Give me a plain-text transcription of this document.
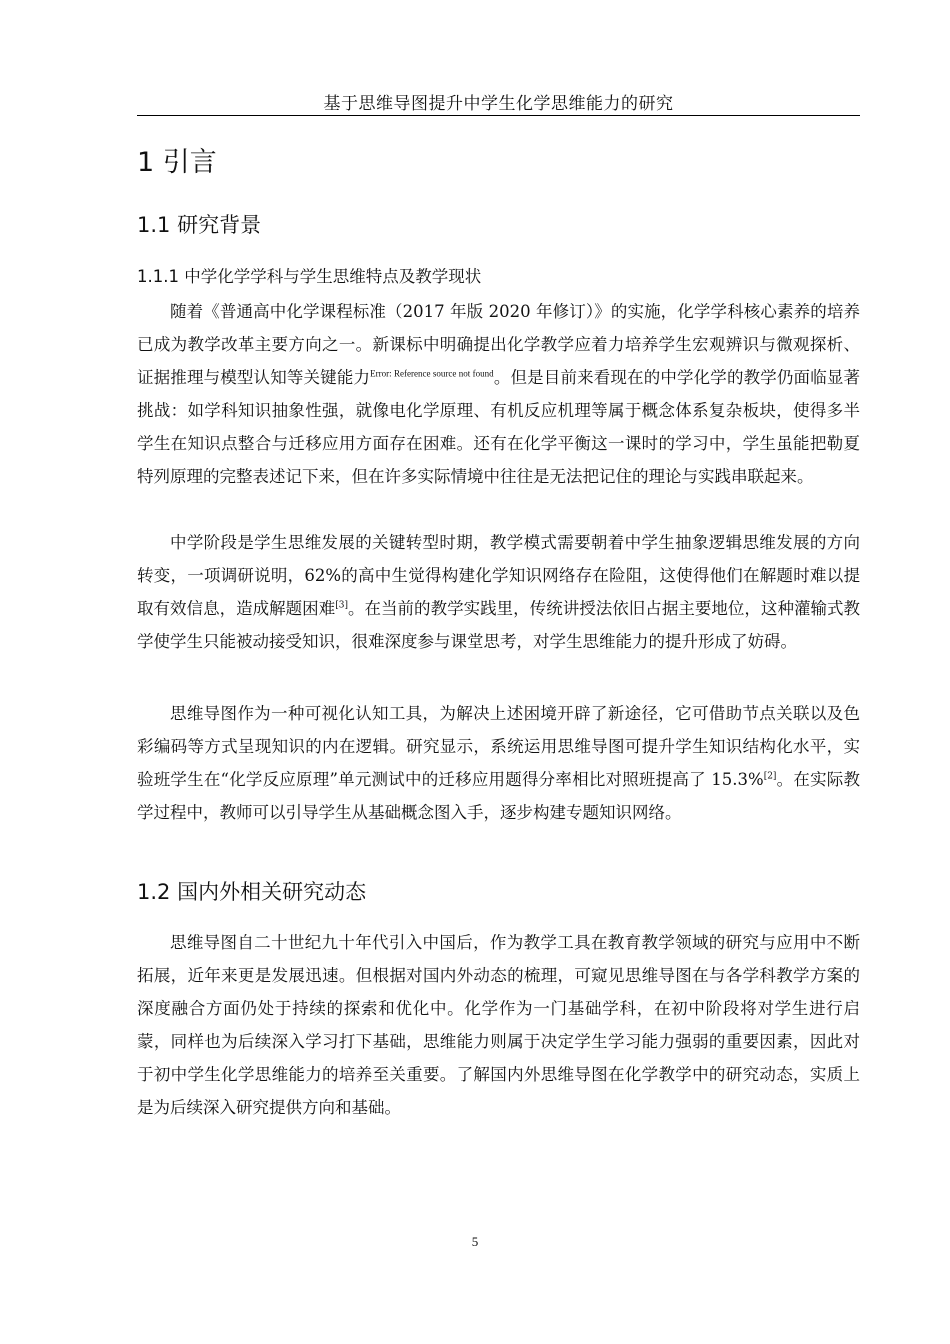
基于思维导图提升中学生化学思维能力的研究
1 引言
1.1 研究背景
1.1.1 中学化学学科与学生思维特点及教学现状

随着《普通高中化学课程标准（2017 年版 2020 年修订）》的实施，化学学科核心素养的培养已成为教学改革主要方向之一。新课标中明确提出化学教学应着力培养学生宏观辨识与微观探析、证据推理与模型认知等关键能力$^{Error: Reference source not found}$。但是目前来看现在的中学化学的教学仍面临显著挑战：如学科知识抽象性强，就像电化学原理、有机反应机理等属于概念体系复杂板块，使得多半学生在知识点整合与迁移应用方面存在困难。还有在化学平衡这一课时的学习中，学生虽能把勒夏特列原理的完整表述记下来，但在许多实际情境中往往是无法把记住的理论与实践串联起来。

中学阶段是学生思维发展的关键转型时期，教学模式需要朝着中学生抽象逻辑思维发展的方向转变，一项调研说明，62%的高中生觉得构建化学知识网络存在险阻，这使得他们在解题时难以提取有效信息，造成解题困难[3]。在当前的教学实践里，传统讲授法依旧占据主要地位，这种灌输式教学使学生只能被动接受知识，很难深度参与课堂思考，对学生思维能力的提升形成了妨碍。

思维导图作为一种可视化认知工具，为解决上述困境开辟了新途径，它可借助节点关联以及色彩编码等方式呈现知识的内在逻辑。研究显示，系统运用思维导图可提升学生知识结构化水平，实验班学生在“化学反应原理”单元测试中的迁移应用题得分率相比对照班提高了 15.3%[2]。在实际教学过程中，教师可以引导学生从基础概念图入手，逐步构建专题知识网络。

1.2 国内外相关研究动态

思维导图自二十世纪九十年代引入中国后，作为教学工具在教育教学领域的研究与应用中不断拓展，近年来更是发展迅速。但根据对国内外动态的梳理，可窥见思维导图在与各学科教学方案的深度融合方面仍处于持续的探索和优化中。化学作为一门基础学科，在初中阶段将对学生进行启蒙，同样也为后续深入学习打下基础，思维能力则属于决定学生学习能力强弱的重要因素，因此对于初中学生化学思维能力的培养至关重要。了解国内外思维导图在化学教学中的研究动态，实质上是为后续深入研究提供方向和基础。

5
